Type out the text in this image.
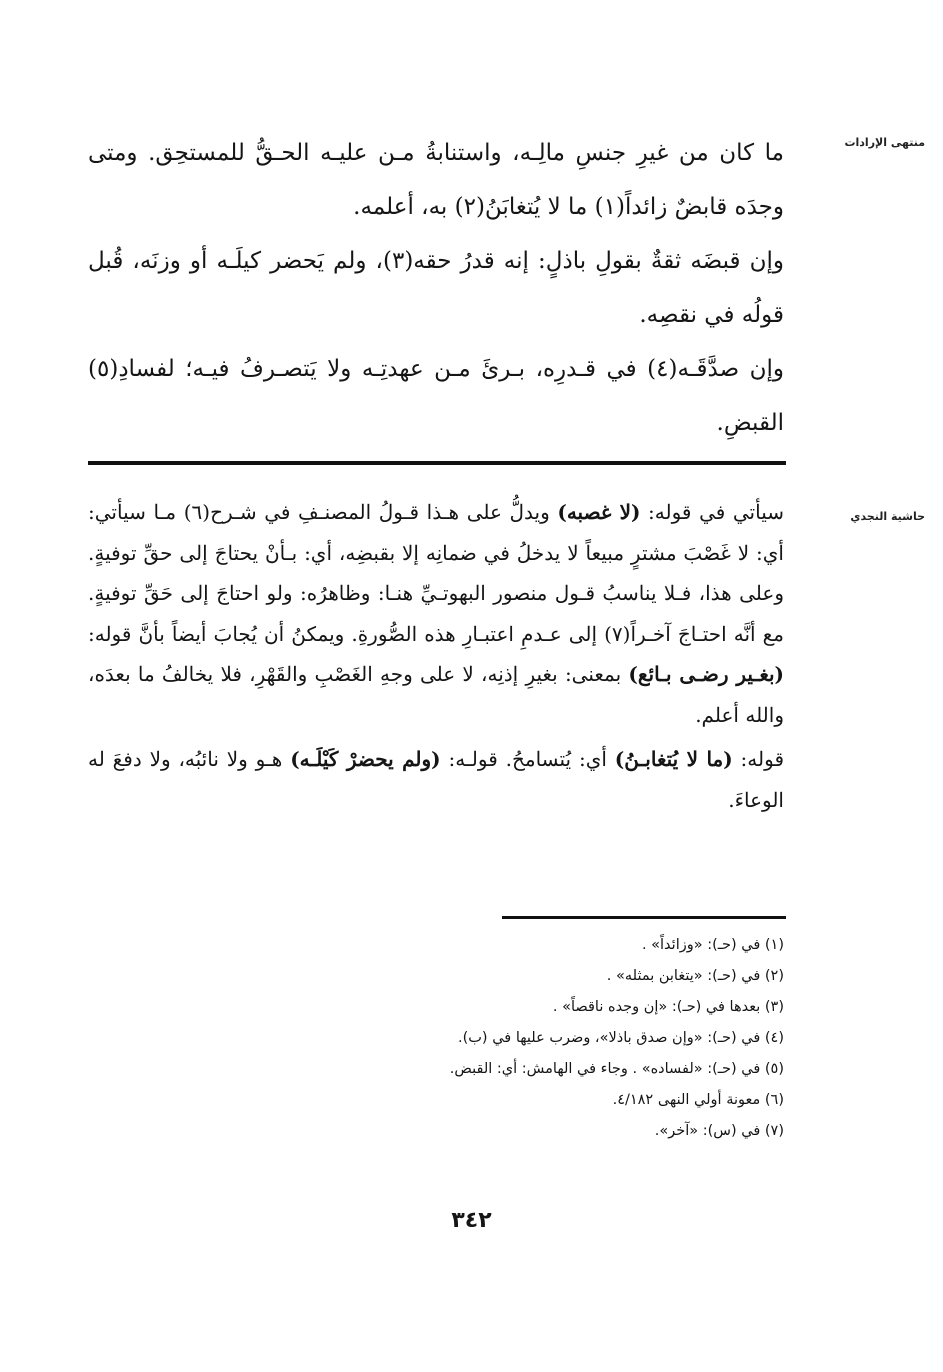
منتهى الإرادات
حاشية النجدي

ما كان من غيرِ جنسِ مالِـه، واستنابةُ مـن عليـه الحـقُّ للمستحِق. ومتى وجدَه قابضٌ زائداً(١) ما لا يُتغابَنُ(٢) به، أعلمه.

وإن قبضَه ثقةٌ بقولِ باذلٍ: إنه قدرُ حقه(٣)، ولم يَحضر كيلَـه أو وزنَه، قُبل قولُه في نقصِه.

وإن صدَّقَـه(٤) في قـدرِه، بـرئَ مـن عهدتِـه ولا يَتصـرفُ فيـه؛ لفسادِ(٥) القبضِ.

سيأتي في قوله: (لا غصبه) ويدلُّ على هـذا قـولُ المصنـفِ في شـرح(٦) مـا سيأتي: أي: لا غَصْبَ مشترٍ مبيعاً لا يدخلُ في ضمانِه إلا بقبضِه، أي: بـأنْ يحتاجَ إلى حقِّ توفيةٍ. وعلى هذا، فـلا يناسبُ قـول منصور البهوتـيِّ هنـا: وظاهرُه: ولو احتاجَ إلى حَقِّ توفيةٍ. مع أنَّه احتـاجَ آخـراً(٧) إلى عـدمِ اعتبـارِ هذه الصُّورةِ. ويمكنُ أن يُجابَ أيضاً بأنَّ قوله: (بغـير رضـى بـائع) بمعنى: بغيرِ إذنِه، لا على وجهِ الغَصْبِ والقَهْرِ، فلا يخالفُ ما بعدَه، والله أعلم.

قوله: (ما لا يُتغابـنُ) أي: يُتسامحُ. قولـه: (ولم يحضرْ كَيْلَـه) هـو ولا نائبُه، ولا دفعَ له الوعاءَ.

(١) في (حـ): «وزائداً» .
(٢) في (حـ): «يتغابن بمثله» .
(٣) بعدها في (حـ): «إن وجده ناقصاً» .
(٤) في (حـ): «وإن صدق باذلا»، وضرب عليها في (ب).
(٥) في (حـ): «لفساده» . وجاء في الهامش: أي: القبض.
(٦) معونة أولي النهى ٤/١٨٢.
(٧) في (س): «آخر».
٣٤٢
